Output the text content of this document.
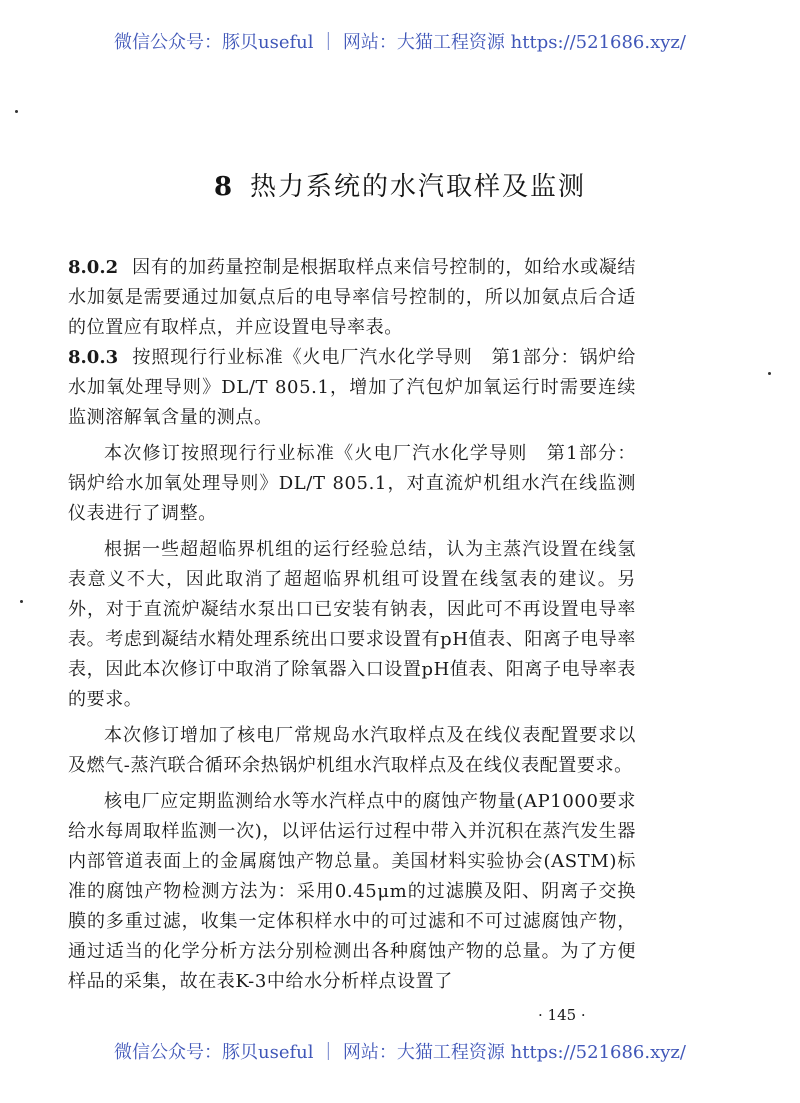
微信公众号：豚贝useful ｜ 网站：大猫工程资源 https://521686.xyz/
8 热力系统的水汽取样及监测

8.0.2 因有的加药量控制是根据取样点来信号控制的，如给水或凝结水加氨是需要通过加氨点后的电导率信号控制的，所以加氨点后合适的位置应有取样点，并应设置电导率表。

8.0.3 按照现行行业标准《火电厂汽水化学导则　第1部分：锅炉给水加氧处理导则》DL/T 805.1，增加了汽包炉加氧运行时需要连续监测溶解氧含量的测点。

本次修订按照现行行业标准《火电厂汽水化学导则　第1部分：锅炉给水加氧处理导则》DL/T 805.1，对直流炉机组水汽在线监测仪表进行了调整。

根据一些超超临界机组的运行经验总结，认为主蒸汽设置在线氢表意义不大，因此取消了超超临界机组可设置在线氢表的建议。另外，对于直流炉凝结水泵出口已安装有钠表，因此可不再设置电导率表。考虑到凝结水精处理系统出口要求设置有pH值表、阳离子电导率表，因此本次修订中取消了除氧器入口设置pH值表、阳离子电导率表的要求。

本次修订增加了核电厂常规岛水汽取样点及在线仪表配置要求以及燃气-蒸汽联合循环余热锅炉机组水汽取样点及在线仪表配置要求。

核电厂应定期监测给水等水汽样点中的腐蚀产物量(AP1000要求给水每周取样监测一次)，以评估运行过程中带入并沉积在蒸汽发生器内部管道表面上的金属腐蚀产物总量。美国材料实验协会(ASTM)标准的腐蚀产物检测方法为：采用0.45μm的过滤膜及阳、阴离子交换膜的多重过滤，收集一定体积样水中的可过滤和不可过滤腐蚀产物，通过适当的化学分析方法分别检测出各种腐蚀产物的总量。为了方便样品的采集，故在表K-3中给水分析样点设置了

· 145 ·
微信公众号：豚贝useful ｜ 网站：大猫工程资源 https://521686.xyz/
